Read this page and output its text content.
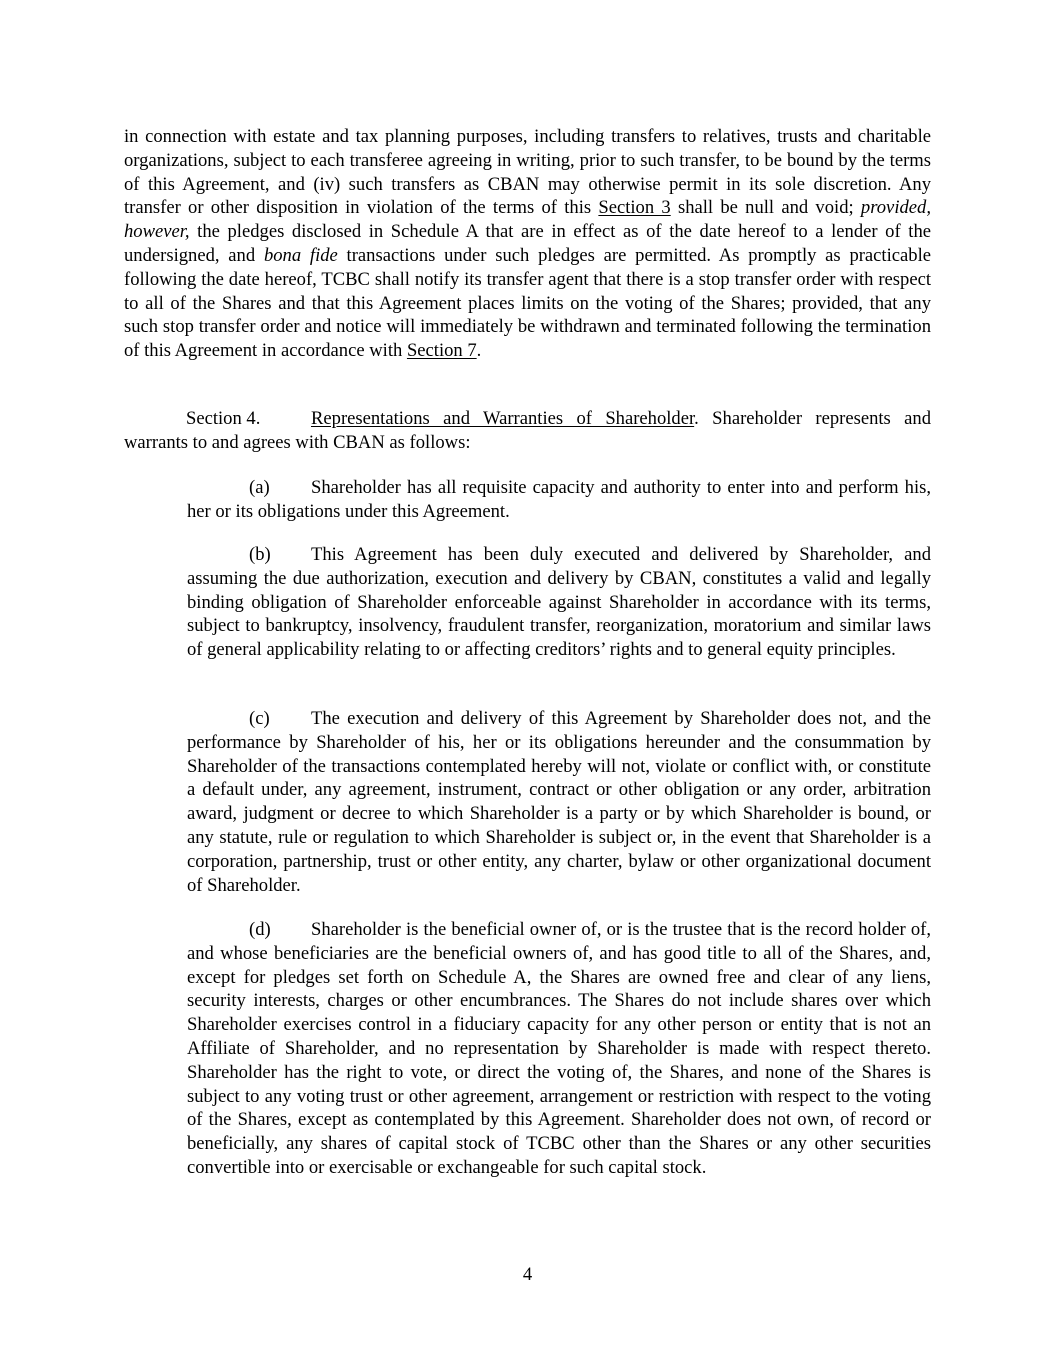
in connection with estate and tax planning purposes, including transfers to relatives, trusts and charitable organizations, subject to each transferee agreeing in writing, prior to such transfer, to be bound by the terms of this Agreement, and (iv) such transfers as CBAN may otherwise permit in its sole discretion. Any transfer or other disposition in violation of the terms of this Section 3 shall be null and void; provided, however, the pledges disclosed in Schedule A that are in effect as of the date hereof to a lender of the undersigned, and bona fide transactions under such pledges are permitted. As promptly as practicable following the date hereof, TCBC shall notify its transfer agent that there is a stop transfer order with respect to all of the Shares and that this Agreement places limits on the voting of the Shares; provided, that any such stop transfer order and notice will immediately be withdrawn and terminated following the termination of this Agreement in accordance with Section 7.

Section 4.	Representations and Warranties of Shareholder. Shareholder represents and warrants to and agrees with CBAN as follows:

(a) Shareholder has all requisite capacity and authority to enter into and perform his, her or its obligations under this Agreement.

(b) This Agreement has been duly executed and delivered by Shareholder, and assuming the due authorization, execution and delivery by CBAN, constitutes a valid and legally binding obligation of Shareholder enforceable against Shareholder in accordance with its terms, subject to bankruptcy, insolvency, fraudulent transfer, reorganization, moratorium and similar laws of general applicability relating to or affecting creditors’ rights and to general equity principles.

(c) The execution and delivery of this Agreement by Shareholder does not, and the performance by Shareholder of his, her or its obligations hereunder and the consummation by Shareholder of the transactions contemplated hereby will not, violate or conflict with, or constitute a default under, any agreement, instrument, contract or other obligation or any order, arbitration award, judgment or decree to which Shareholder is a party or by which Shareholder is bound, or any statute, rule or regulation to which Shareholder is subject or, in the event that Shareholder is a corporation, partnership, trust or other entity, any charter, bylaw or other organizational document of Shareholder.

(d) Shareholder is the beneficial owner of, or is the trustee that is the record holder of, and whose beneficiaries are the beneficial owners of, and has good title to all of the Shares, and, except for pledges set forth on Schedule A, the Shares are owned free and clear of any liens, security interests, charges or other encumbrances. The Shares do not include shares over which Shareholder exercises control in a fiduciary capacity for any other person or entity that is not an Affiliate of Shareholder, and no representation by Shareholder is made with respect thereto. Shareholder has the right to vote, or direct the voting of, the Shares, and none of the Shares is subject to any voting trust or other agreement, arrangement or restriction with respect to the voting of the Shares, except as contemplated by this Agreement. Shareholder does not own, of record or beneficially, any shares of capital stock of TCBC other than the Shares or any other securities convertible into or exercisable or exchangeable for such capital stock.

4
